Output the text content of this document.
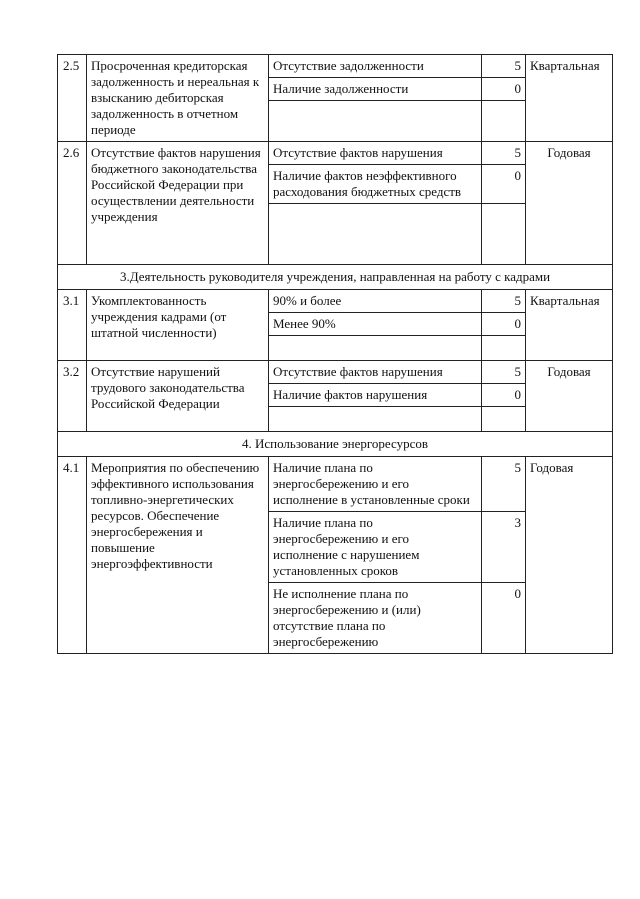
2.5	Просроченная кредиторская задолженность и нереальная к взысканию дебиторская задолженность в отчетном периоде	Отсутствие задолженности	5	Квартальная
		Наличие задолженности	0	

2.6	Отсутствие фактов нарушения бюджетного законодательства Российской Федерации при осуществлении деятельности учреждения	Отсутствие фактов нарушения	5	Годовая
		Наличие фактов неэффективного расходования бюджетных средств	0	

3.Деятельность руководителя учреждения, направленная на работу с кадрами				
3.1	Укомплектованность учреждения кадрами (от штатной численности)	90% и более	5	Квартальная
		Менее 90%	0	

3.2	Отсутствие нарушений трудового законодательства Российской Федерации	Отсутствие фактов нарушения	5	Годовая
		Наличие фактов нарушения	0	

4. Использование энергоресурсов				
4.1	Мероприятия по обеспечению эффективного использования топливно-энергетических ресурсов. Обеспечение энергосбережения и повышение энергоэффективности	Наличие плана по энергосбережению и его исполнение в установленные сроки	5	Годовая
		Наличие плана по энергосбережению и его исполнение с нарушением установленных сроков	3	
		Не исполнение плана по энергосбережению и (или) отсутствие плана по энергосбережению	0	
